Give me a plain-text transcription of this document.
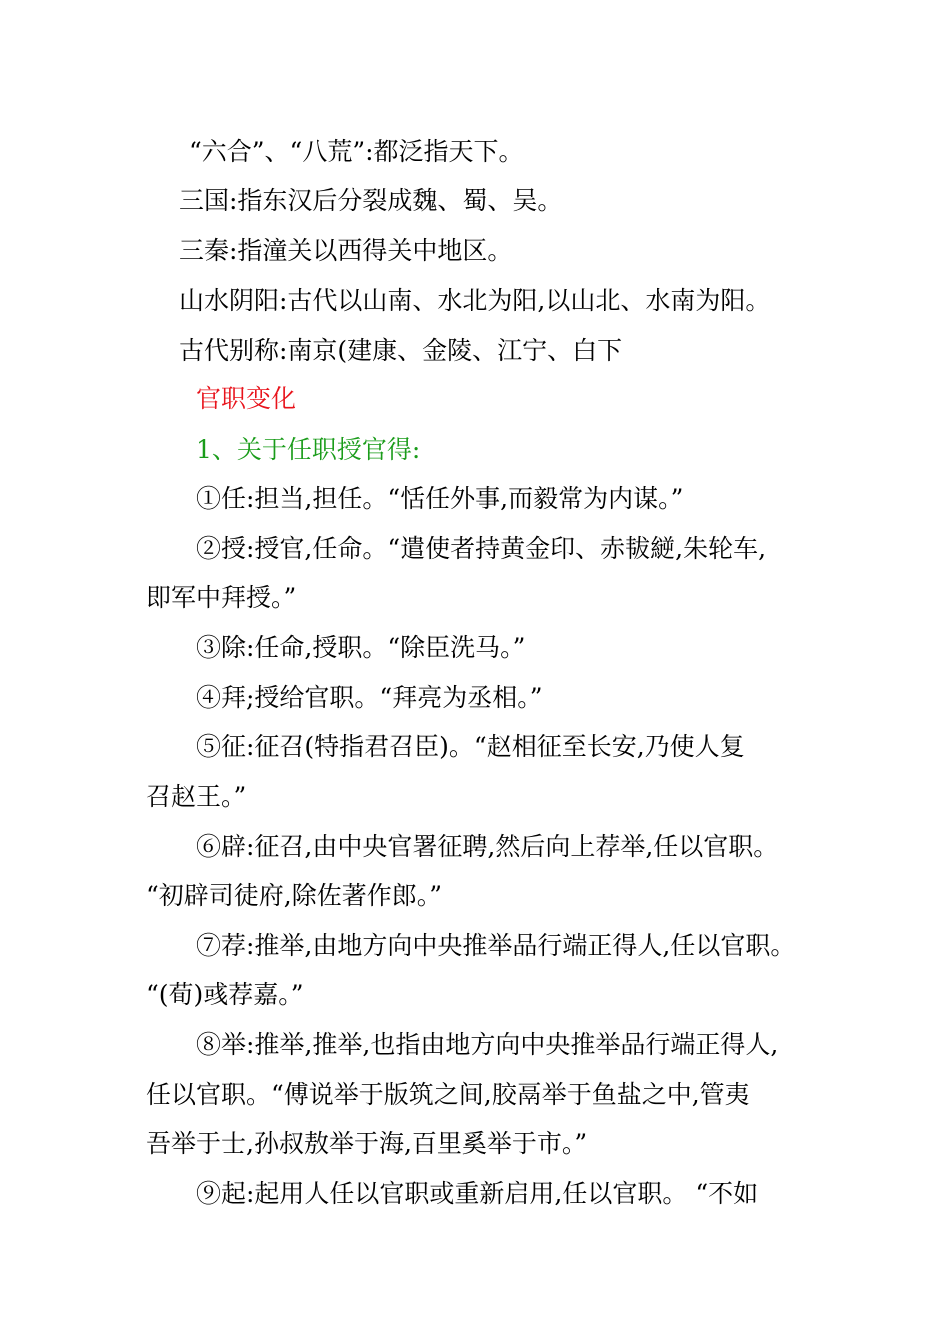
“六合”、“八荒”:都泛指天下。
三国:指东汉后分裂成魏、蜀、吴。
三秦:指潼关以西得关中地区。
山水阴阳:古代以山南、水北为阳,以山北、水南为阳。
古代别称:南京(建康、金陵、江宁、白下
官职变化
1、关于任职授官得:
①任:担当,担任。“恬任外事,而毅常为内谋。”
②授:授官,任命。“遣使者持黄金印、赤韨縌,朱轮车,
即军中拜授。”
③除:任命,授职。“除臣洗马。”
④拜;授给官职。“拜亮为丞相。”
⑤征:征召(特指君召臣)。“赵相征至长安,乃使人复
召赵王。”
⑥辟:征召,由中央官署征聘,然后向上荐举,任以官职。
“初辟司徒府,除佐著作郎。”
⑦荐:推举,由地方向中央推举品行端正得人,任以官职。
“(荀)彧荐嘉。”
⑧举:推举,推举,也指由地方向中央推举品行端正得人,
任以官职。“傅说举于版筑之间,胶鬲举于鱼盐之中,管夷
吾举于士,孙叔敖举于海,百里奚举于市。”
⑨起:起用人任以官职或重新启用,任以官职。 “不如
